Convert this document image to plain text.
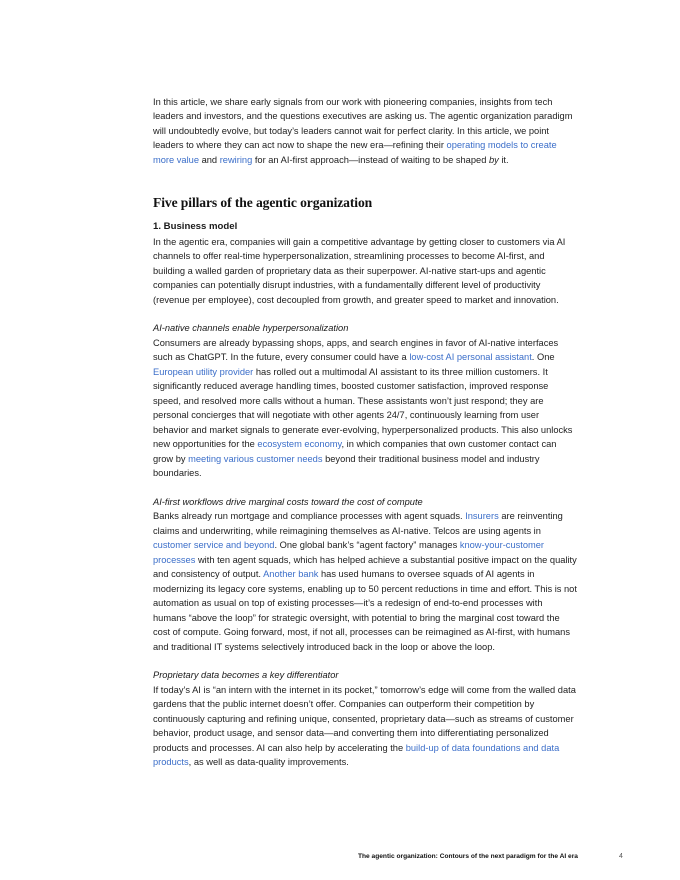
In this article, we share early signals from our work with pioneering companies, insights from tech leaders and investors, and the questions executives are asking us. The agentic organization paradigm will undoubtedly evolve, but today’s leaders cannot wait for perfect clarity. In this article, we point leaders to where they can act now to shape the new era—refining their operating models to create more value and rewiring for an AI-first approach—instead of waiting to be shaped by it.

Five pillars of the agentic organization
1. Business model

In the agentic era, companies will gain a competitive advantage by getting closer to customers via AI channels to offer real-time hyperpersonalization, streamlining processes to become AI-first, and building a walled garden of proprietary data as their superpower. AI-native start-ups and agentic companies can potentially disrupt industries, with a fundamentally different level of productivity (revenue per employee), cost decoupled from growth, and greater speed to market and innovation.

AI-native channels enable hyperpersonalization

Consumers are already bypassing shops, apps, and search engines in favor of AI-native interfaces such as ChatGPT. In the future, every consumer could have a low-cost AI personal assistant. One European utility provider has rolled out a multimodal AI assistant to its three million customers. It significantly reduced average handling times, boosted customer satisfaction, improved response speed, and resolved more calls without a human. These assistants won’t just respond; they are personal concierges that will negotiate with other agents 24/7, continuously learning from user behavior and market signals to generate ever-evolving, hyperpersonalized products. This also unlocks new opportunities for the ecosystem economy, in which companies that own customer contact can grow by meeting various customer needs beyond their traditional business model and industry boundaries.

AI-first workflows drive marginal costs toward the cost of compute

Banks already run mortgage and compliance processes with agent squads. Insurers are reinventing claims and underwriting, while reimagining themselves as AI-native. Telcos are using agents in customer service and beyond. One global bank’s “agent factory” manages know-your-customer processes with ten agent squads, which has helped achieve a substantial positive impact on the quality and consistency of output. Another bank has used humans to oversee squads of AI agents in modernizing its legacy core systems, enabling up to 50 percent reductions in time and effort. This is not automation as usual on top of existing processes—it’s a redesign of end-to-end processes with humans “above the loop” for strategic oversight, with potential to bring the marginal cost toward the cost of compute. Going forward, most, if not all, processes can be reimagined as AI-first, with humans and traditional IT systems selectively introduced back in the loop or above the loop.

Proprietary data becomes a key differentiator

If today’s AI is “an intern with the internet in its pocket,” tomorrow’s edge will come from the walled data gardens that the public internet doesn’t offer. Companies can outperform their competition by continuously capturing and refining unique, consented, proprietary data—such as streams of customer behavior, product usage, and sensor data—and converting them into differentiating personalized products and processes. AI can also help by accelerating the build-up of data foundations and data products, as well as data-quality improvements.

The agentic organization: Contours of the next paradigm for the AI era	4
